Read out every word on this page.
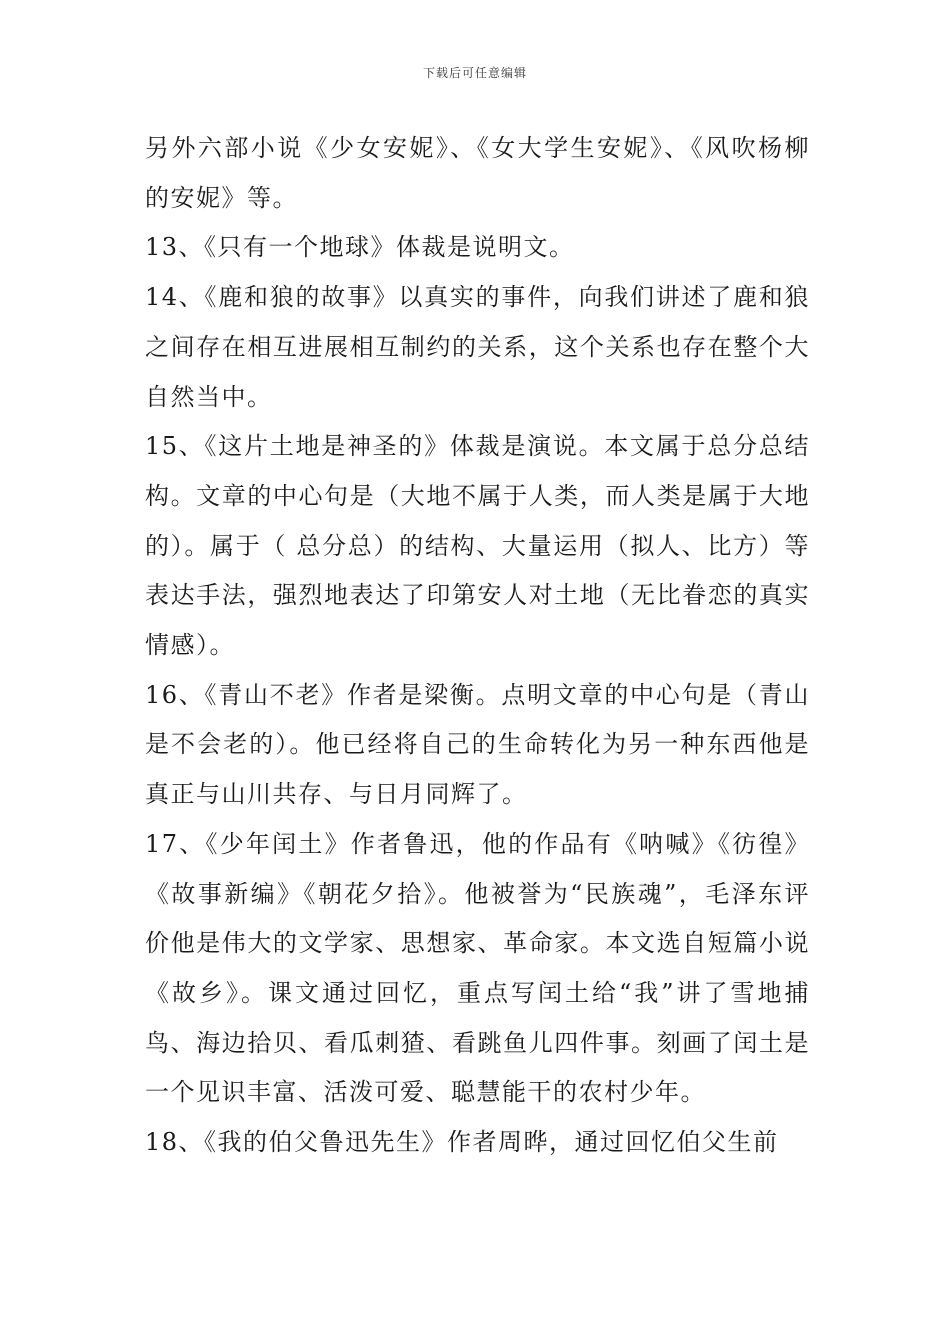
下载后可任意编辑

另外六部小说《少女安妮》、《女大学生安妮》、《风吹杨柳的安妮》等。

13、《只有一个地球》体裁是说明文。

14、《鹿和狼的故事》以真实的事件，向我们讲述了鹿和狼之间存在相互进展相互制约的关系，这个关系也存在整个大自然当中。

15、《这片土地是神圣的》体裁是演说。本文属于总分总结构。文章的中心句是（大地不属于人类，而人类是属于大地的）。属于（ 总分总）的结构、大量运用（拟人、比方）等表达手法，强烈地表达了印第安人对土地（无比眷恋的真实情感）。

16、《青山不老》作者是梁衡。点明文章的中心句是（青山是不会老的）。他已经将自己的生命转化为另一种东西他是真正与山川共存、与日月同辉了。

17、《少年闰土》作者鲁迅，他的作品有《呐喊》《彷徨》《故事新编》《朝花夕拾》。他被誉为“民族魂”，毛泽东评价他是伟大的文学家、思想家、革命家。本文选自短篇小说《故乡》。课文通过回忆，重点写闰土给“我”讲了雪地捕鸟、海边拾贝、看瓜刺猹、看跳鱼儿四件事。刻画了闰土是一个见识丰富、活泼可爱、聪慧能干的农村少年。

18、《我的伯父鲁迅先生》作者周晔，通过回忆伯父生前
